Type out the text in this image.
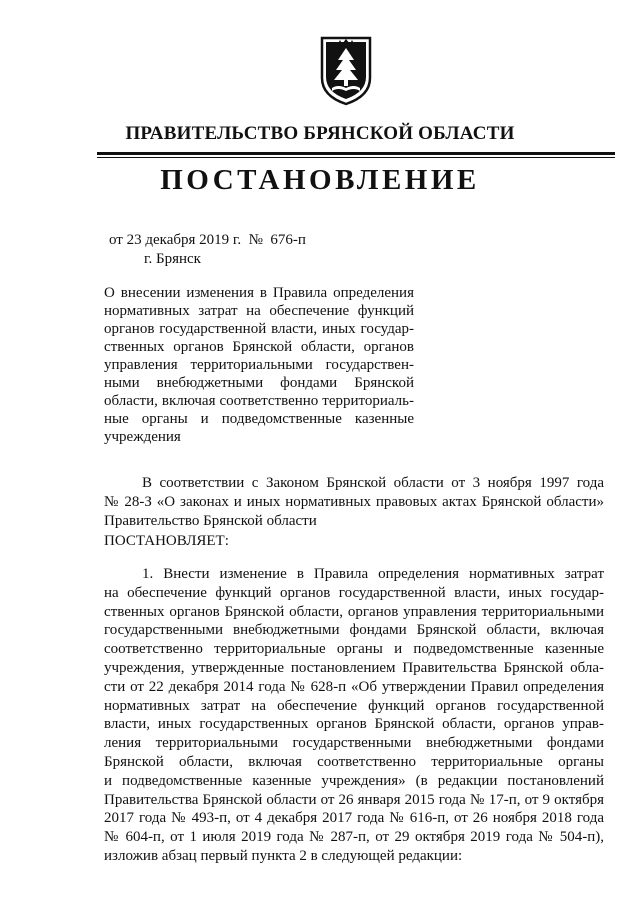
ПРАВИТЕЛЬСТВО БРЯНСКОЙ ОБЛАСТИ
ПОСТАНОВЛЕНИЕ
от 23 декабря 2019 г.  №  676-п
г. Брянск
О внесении изменения в Правила определения
нормативных затрат на обеспечение функций
органов государственной власти, иных государ-
ственных органов Брянской области, органов
управления территориальными государствен-
ными внебюджетными фондами Брянской
области, включая соответственно территориаль-
ные органы и подведомственные казенные
учреждения
В соответствии с Законом Брянской области от 3 ноября 1997 года
№ 28-З «О законах и иных нормативных правовых актах Брянской области»
Правительство Брянской области
ПОСТАНОВЛЯЕТ:
1. Внести изменение в Правила определения нормативных затрат
на обеспечение функций органов государственной власти, иных государ-
ственных органов Брянской области, органов управления территориальными
государственными внебюджетными фондами Брянской области, включая
соответственно территориальные органы и подведомственные казенные
учреждения, утвержденные постановлением Правительства Брянской обла-
сти от 22 декабря 2014 года № 628-п «Об утверждении Правил определения
нормативных затрат на обеспечение функций органов государственной
власти, иных государственных органов Брянской области, органов управ-
ления территориальными государственными внебюджетными фондами
Брянской области, включая соответственно территориальные органы
и подведомственные казенные учреждения» (в редакции постановлений
Правительства Брянской области от 26 января 2015 года № 17-п, от 9 октября
2017 года № 493-п, от 4 декабря 2017 года № 616-п, от 26 ноября 2018 года
№ 604-п, от 1 июля 2019 года № 287-п, от 29 октября 2019 года № 504-п),
изложив абзац первый пункта 2 в следующей редакции:
